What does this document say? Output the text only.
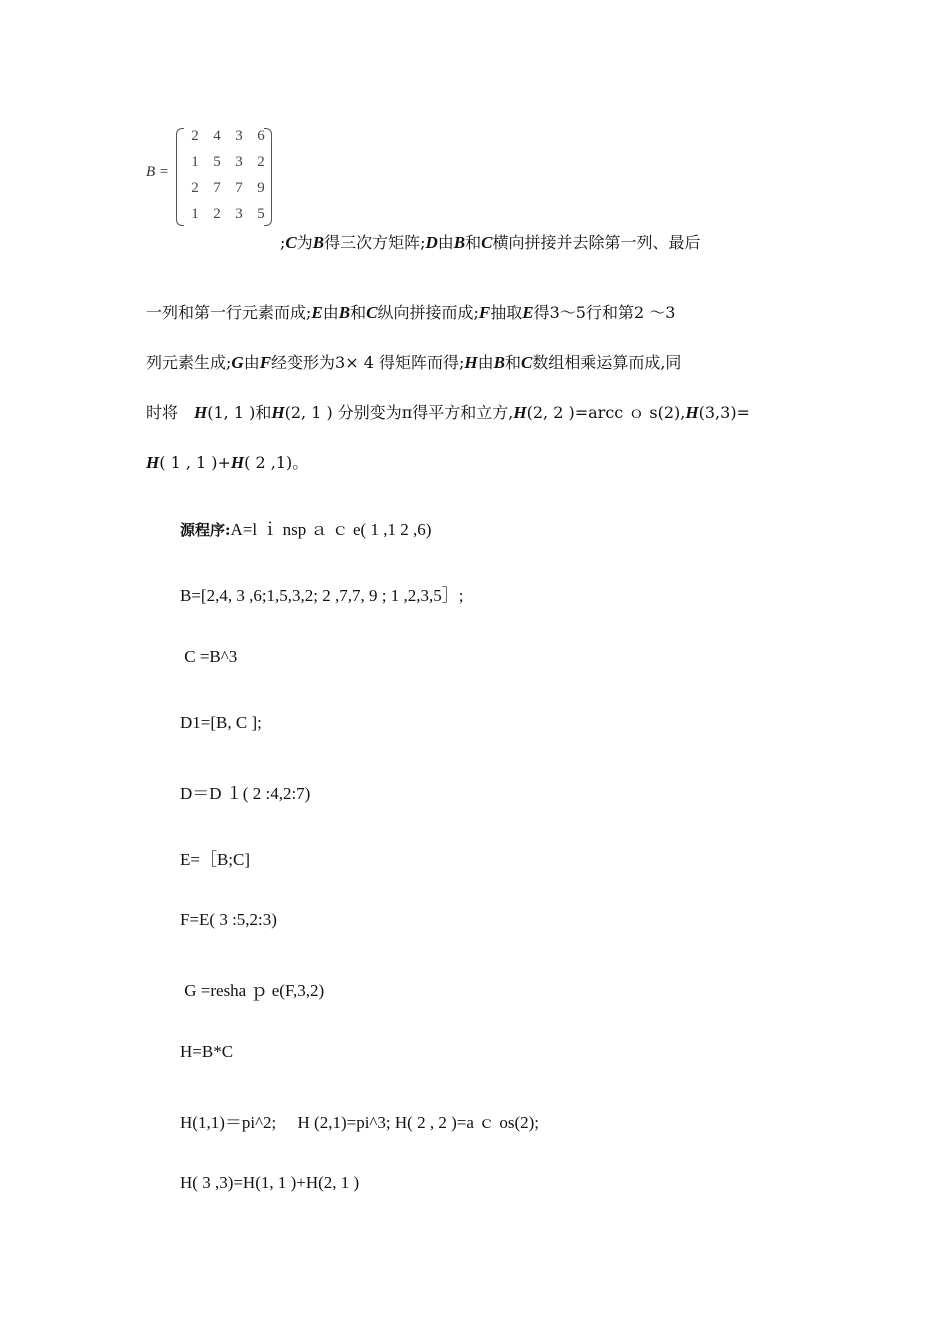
B =
2 4 3 6
1 5 3 2
2 7 7 9
1 2 3 5
;C为B得三次方矩阵;D由B和C横向拼接并去除第一列、最后
一列和第一行元素而成;E由B和C纵向拼接而成;F抽取E得3～5行和第2 ～3
列元素生成;G由F经变形为3× 4 得矩阵而得;H由B和C数组相乘运算而成,同
时将　H(1, 1 )和H(2, 1 ) 分别变为π得平方和立方,H(2, 2 )=arcc ｏ s(2),H(3,3)=
H( 1 , 1 )+H( 2 ,1)。
源程序:A=l ｉ nsp ａ ｃ e( 1 ,1 2 ,6)
B=[2,4, 3 ,6;1,5,3,2; 2 ,7,7, 9 ; 1 ,2,3,5］;
C =B^3
D1=[B, C ];
D＝D １( 2 :4,2:7)
E=［B;C]
F=E( 3 :5,2:3)
G =resha ｐ e(F,3,2)
H=B*C
H(1,1)＝pi^2;　 H (2,1)=pi^3; H( 2 , 2 )=a ｃ os(2);
H( 3 ,3)=H(1, 1 )+H(2, 1 )
